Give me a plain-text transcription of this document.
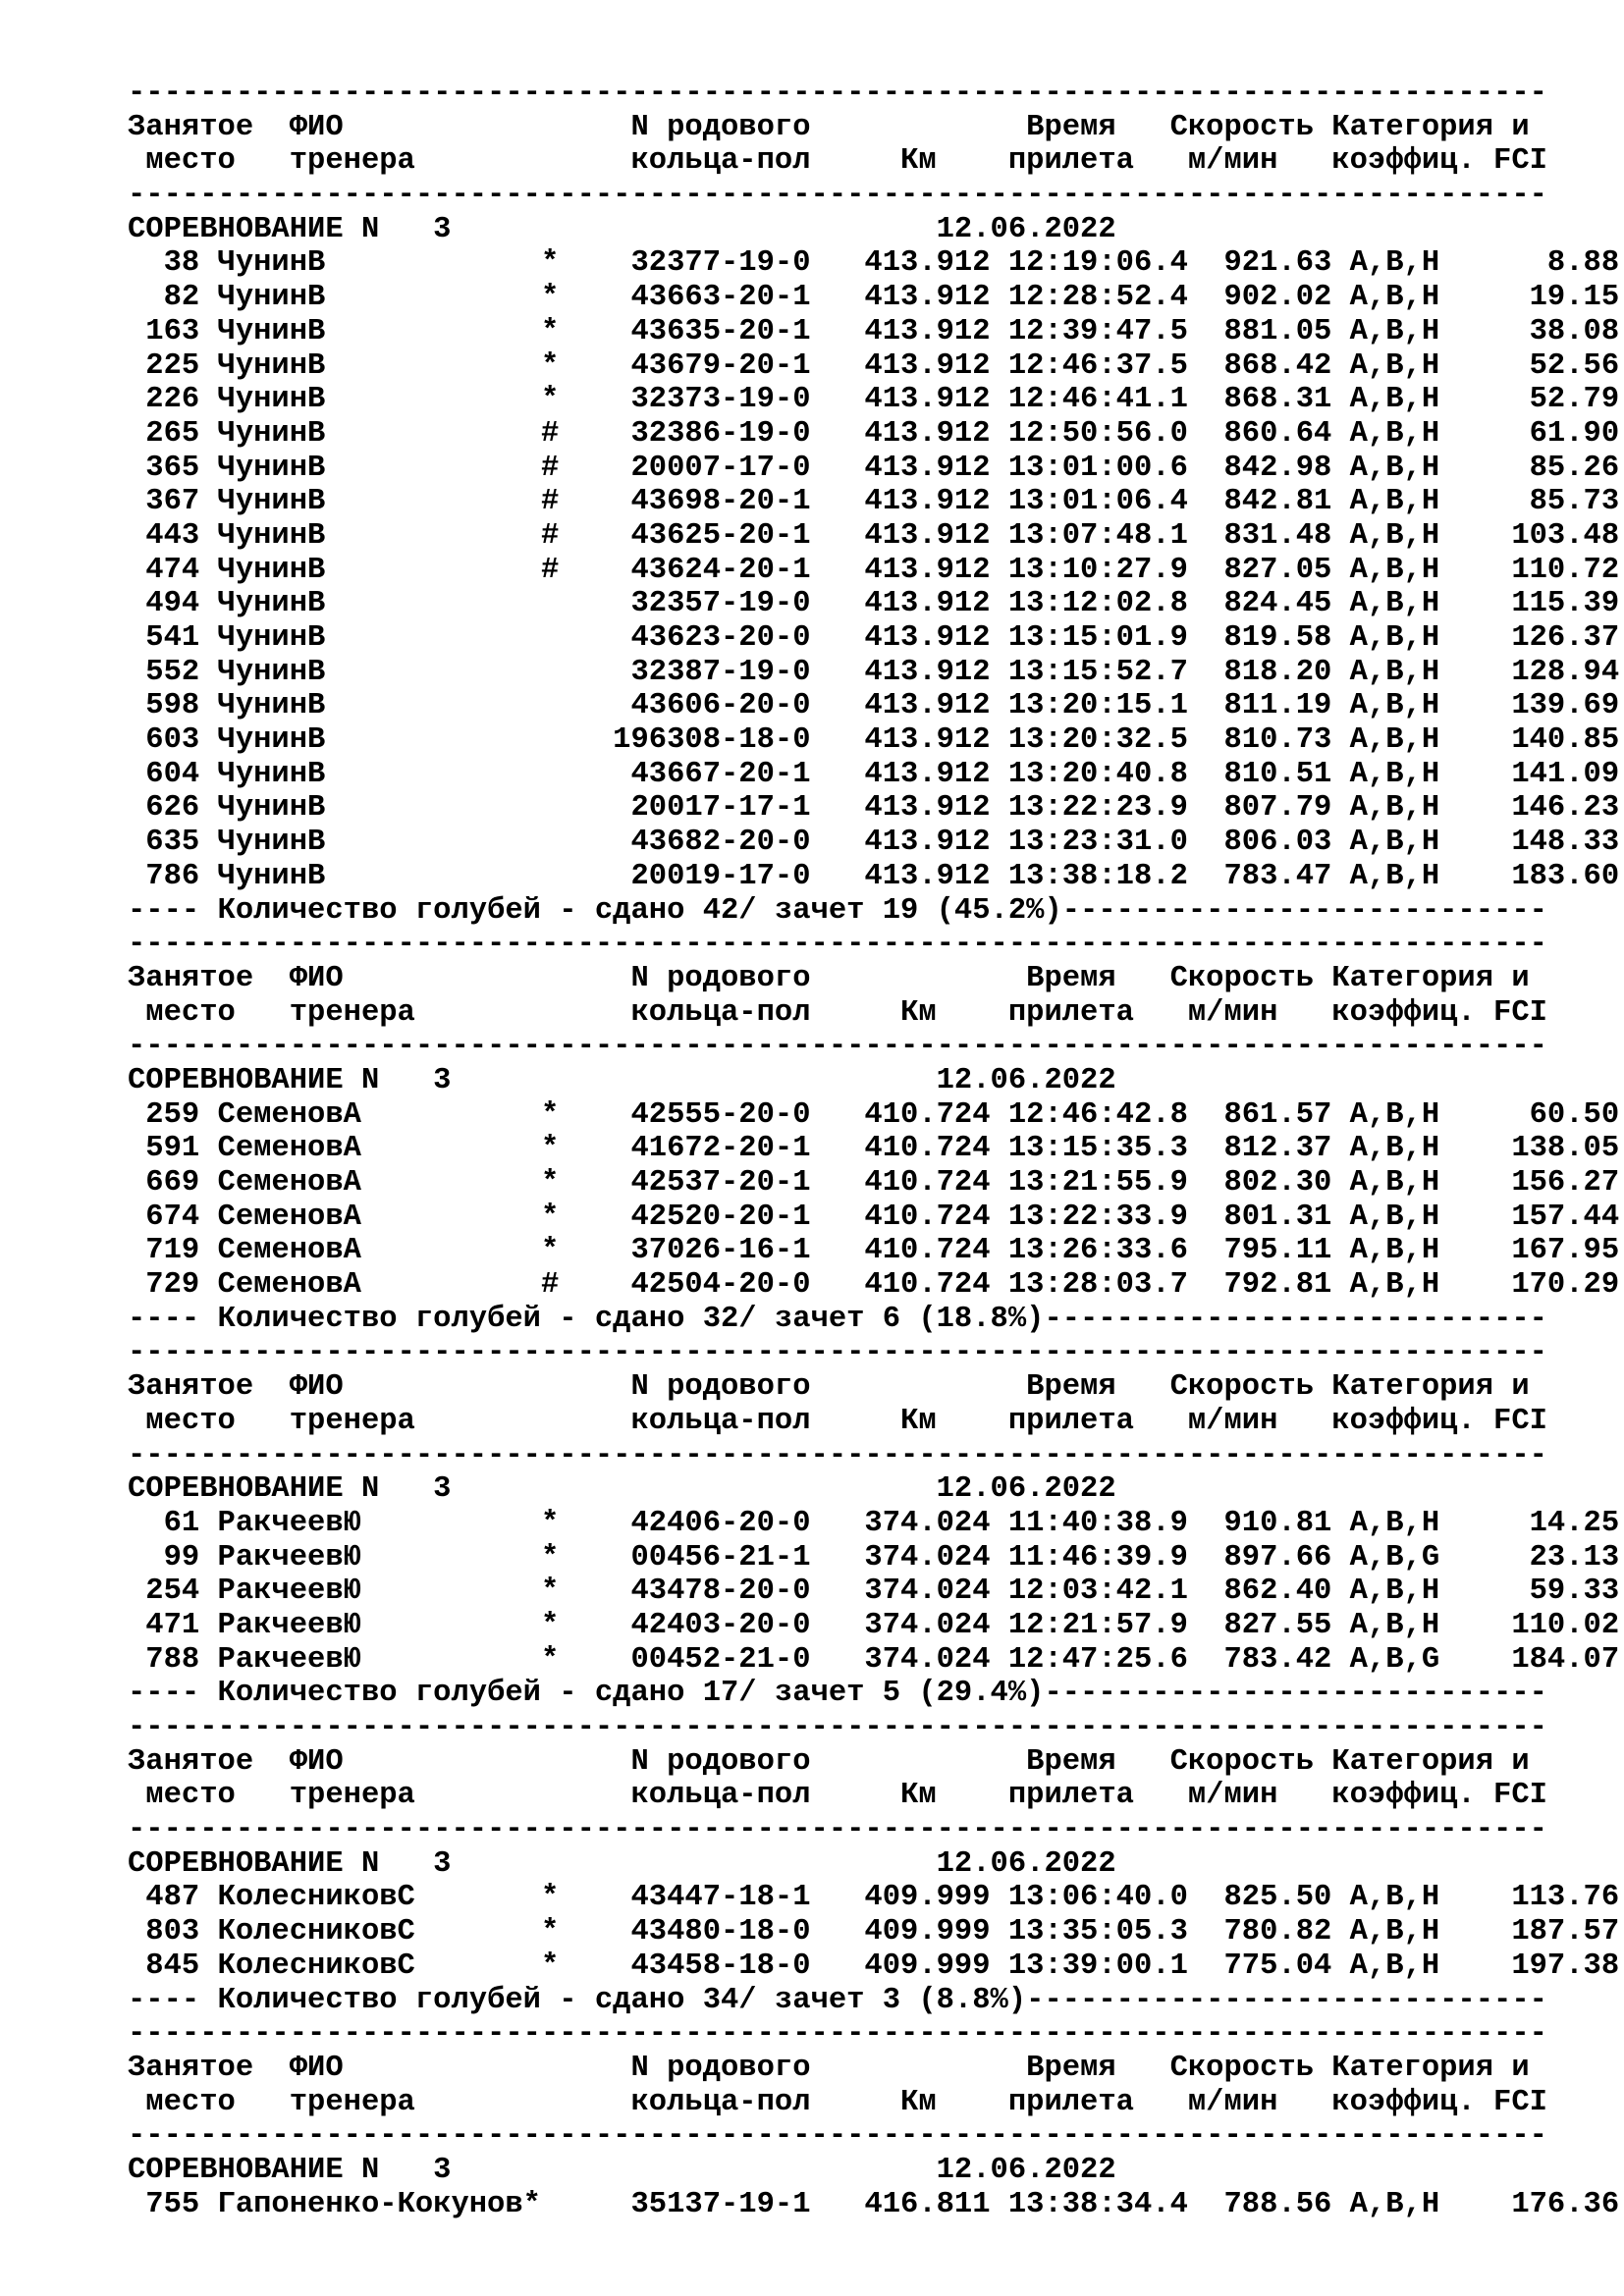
-------------------------------------------------------------------------------
Занятое  ФИО                N родового            Время   Скорость Категория и
место   тренера            кольца-пол     Км    прилета   м/мин   коэффиц. FCI
-------------------------------------------------------------------------------
СОРЕВНОВАНИЕ N   3                           12.06.2022
38 ЧунинВ            *    32377-19-0   413.912 12:19:06.4  921.63 A,B,H      8.88
82 ЧунинВ            *    43663-20-1   413.912 12:28:52.4  902.02 A,B,H     19.15
163 ЧунинВ            *    43635-20-1   413.912 12:39:47.5  881.05 A,B,H     38.08
225 ЧунинВ            *    43679-20-1   413.912 12:46:37.5  868.42 A,B,H     52.56
226 ЧунинВ            *    32373-19-0   413.912 12:46:41.1  868.31 A,B,H     52.79
265 ЧунинВ            #    32386-19-0   413.912 12:50:56.0  860.64 A,B,H     61.90
365 ЧунинВ            #    20007-17-0   413.912 13:01:00.6  842.98 A,B,H     85.26
367 ЧунинВ            #    43698-20-1   413.912 13:01:06.4  842.81 A,B,H     85.73
443 ЧунинВ            #    43625-20-1   413.912 13:07:48.1  831.48 A,B,H    103.48
474 ЧунинВ            #    43624-20-1   413.912 13:10:27.9  827.05 A,B,H    110.72
494 ЧунинВ                 32357-19-0   413.912 13:12:02.8  824.45 A,B,H    115.39
541 ЧунинВ                 43623-20-0   413.912 13:15:01.9  819.58 A,B,H    126.37
552 ЧунинВ                 32387-19-0   413.912 13:15:52.7  818.20 A,B,H    128.94
598 ЧунинВ                 43606-20-0   413.912 13:20:15.1  811.19 A,B,H    139.69
603 ЧунинВ                196308-18-0   413.912 13:20:32.5  810.73 A,B,H    140.85
604 ЧунинВ                 43667-20-1   413.912 13:20:40.8  810.51 A,B,H    141.09
626 ЧунинВ                 20017-17-1   413.912 13:22:23.9  807.79 A,B,H    146.23
635 ЧунинВ                 43682-20-0   413.912 13:23:31.0  806.03 A,B,H    148.33
786 ЧунинВ                 20019-17-0   413.912 13:38:18.2  783.47 A,B,H    183.60
---- Количество голубей - сдано 42/ зачет 19 (45.2%)---------------------------
-------------------------------------------------------------------------------
Занятое  ФИО                N родового            Время   Скорость Категория и
место   тренера            кольца-пол     Км    прилета   м/мин   коэффиц. FCI
-------------------------------------------------------------------------------
СОРЕВНОВАНИЕ N   3                           12.06.2022
259 СеменовА          *    42555-20-0   410.724 12:46:42.8  861.57 A,B,H     60.50
591 СеменовА          *    41672-20-1   410.724 13:15:35.3  812.37 A,B,H    138.05
669 СеменовА          *    42537-20-1   410.724 13:21:55.9  802.30 A,B,H    156.27
674 СеменовА          *    42520-20-1   410.724 13:22:33.9  801.31 A,B,H    157.44
719 СеменовА          *    37026-16-1   410.724 13:26:33.6  795.11 A,B,H    167.95
729 СеменовА          #    42504-20-0   410.724 13:28:03.7  792.81 A,B,H    170.29
---- Количество голубей - сдано 32/ зачет 6 (18.8%)----------------------------
-------------------------------------------------------------------------------
Занятое  ФИО                N родового            Время   Скорость Категория и
место   тренера            кольца-пол     Км    прилета   м/мин   коэффиц. FCI
-------------------------------------------------------------------------------
СОРЕВНОВАНИЕ N   3                           12.06.2022
61 РакчеевЮ          *    42406-20-0   374.024 11:40:38.9  910.81 A,B,H     14.25
99 РакчеевЮ          *    00456-21-1   374.024 11:46:39.9  897.66 A,B,G     23.13
254 РакчеевЮ          *    43478-20-0   374.024 12:03:42.1  862.40 A,B,H     59.33
471 РакчеевЮ          *    42403-20-0   374.024 12:21:57.9  827.55 A,B,H    110.02
788 РакчеевЮ          *    00452-21-0   374.024 12:47:25.6  783.42 A,B,G    184.07
---- Количество голубей - сдано 17/ зачет 5 (29.4%)----------------------------
-------------------------------------------------------------------------------
Занятое  ФИО                N родового            Время   Скорость Категория и
место   тренера            кольца-пол     Км    прилета   м/мин   коэффиц. FCI
-------------------------------------------------------------------------------
СОРЕВНОВАНИЕ N   3                           12.06.2022
487 КолесниковС       *    43447-18-1   409.999 13:06:40.0  825.50 A,B,H    113.76
803 КолесниковС       *    43480-18-0   409.999 13:35:05.3  780.82 A,B,H    187.57
845 КолесниковС       *    43458-18-0   409.999 13:39:00.1  775.04 A,B,H    197.38
---- Количество голубей - сдано 34/ зачет 3 (8.8%)-----------------------------
-------------------------------------------------------------------------------
Занятое  ФИО                N родового            Время   Скорость Категория и
место   тренера            кольца-пол     Км    прилета   м/мин   коэффиц. FCI
-------------------------------------------------------------------------------
СОРЕВНОВАНИЕ N   3                           12.06.2022
755 Гапоненко-Кокунов*     35137-19-1   416.811 13:38:34.4  788.56 A,B,H    176.36
